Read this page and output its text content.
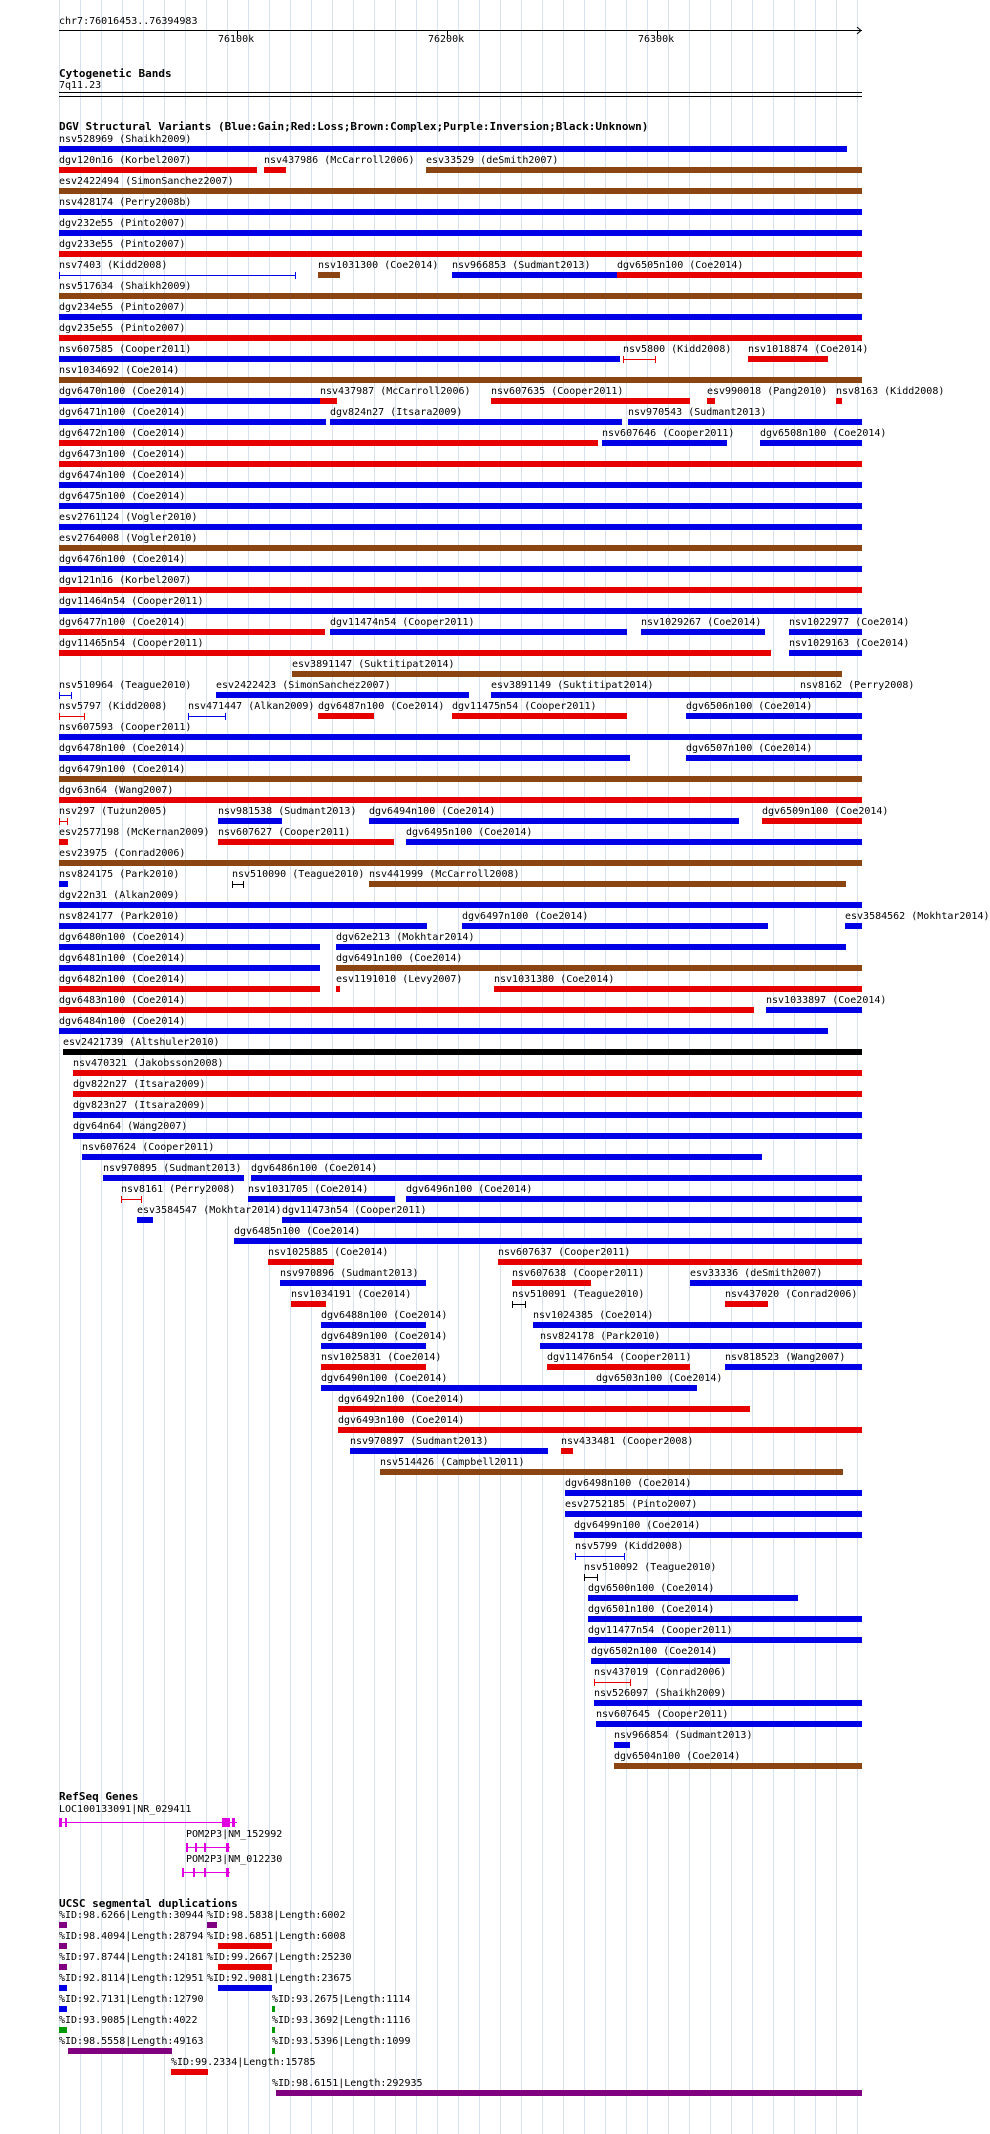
chr7:76016453..76394983
76100k	76200k	76300k
Cytogenetic Bands
7q11.23
DGV Structural Variants (Blue:Gain;Red:Loss;Brown:Complex;Purple:Inversion;Black:Unknown)
nsv528969 (Shaikh2009)
dgv120n16 (Korbel2007)	nsv437986 (McCarroll2006) esv33529 (deSmith2007)
esv2422494 (SimonSanchez2007)
nsv428174 (Perry2008b)
dgv232e55 (Pinto2007)
dgv233e55 (Pinto2007)
nsv7403 (Kidd2008)	nsv1031300 (Coe2014) nsv966853 (Sudmant2013)	dgv6505n100 (Coe2014)
nsv517634 (Shaikh2009)
dgv234e55 (Pinto2007)
dgv235e55 (Pinto2007)
nsv607585 (Cooper2011)	nsv5800 (Kidd2008) nsv1018874 (Coe2014)
nsv1034692 (Coe2014)
dgv6470n100 (Coe2014)	nsv437987 (McCarroll2006) nsv607635 (Cooper2011)	esv990018 (Pang2010) nsv8163 (Kidd2008)
dgv6471n100 (Coe2014)	dgv824n27 (Itsara2009)	nsv970543 (Sudmant2013)
dgv6472n100 (Coe2014)	nsv607646 (Cooper2011)	dgv6508n100 (Coe2014)
dgv6473n100 (Coe2014)
dgv6474n100 (Coe2014)
dgv6475n100 (Coe2014)
esv2761124 (Vogler2010)
esv2764008 (Vogler2010)
dgv6476n100 (Coe2014)
dgv121n16 (Korbel2007)
dgv11464n54 (Cooper2011)
dgv6477n100 (Coe2014)	dgv11474n54 (Cooper2011)	nsv1029267 (Coe2014)	nsv1022977 (Coe2014)
dgv11465n54 (Cooper2011)	nsv1029163 (Coe2014)
esv3891147 (Suktitipat2014)
nsv510964 (Teague2010) esv2422423 (SimonSanchez2007)	esv3891149 (Suktitipat2014)	nsv8162 (Perry2008)
nsv5797 (Kidd2008) nsv471447 (Alkan2009) dgv6487n100 (Coe2014) dgv11475n54 (Cooper2011)	dgv6506n100 (Coe2014)
nsv607593 (Cooper2011)
dgv6478n100 (Coe2014)	dgv6507n100 (Coe2014)
dgv6479n100 (Coe2014)
dgv63n64 (Wang2007)
nsv297 (Tuzun2005)	nsv981538 (Sudmant2013) dgv6494n100 (Coe2014)	dgv6509n100 (Coe2014)
esv2577198 (McKernan2009) nsv607627 (Cooper2011)	dgv6495n100 (Coe2014)
esv23975 (Conrad2006)
nsv824175 (Park2010)	nsv510090 (Teague2010) nsv441999 (McCarroll2008)
dgv22n31 (Alkan2009)
nsv824177 (Park2010)	dgv6497n100 (Coe2014)	esv3584562 (Mokhtar2014)
dgv6480n100 (Coe2014)	dgv62e213 (Mokhtar2014)
dgv6481n100 (Coe2014)	dgv6491n100 (Coe2014)
dgv6482n100 (Coe2014)	esv1191010 (Levy2007)	nsv1031380 (Coe2014)
dgv6483n100 (Coe2014)	nsv1033897 (Coe2014)
dgv6484n100 (Coe2014)
esv2421739 (Altshuler2010)
nsv470321 (Jakobsson2008)
dgv822n27 (Itsara2009)
dgv823n27 (Itsara2009)
dgv64n64 (Wang2007)
nsv607624 (Cooper2011)
nsv970895 (Sudmant2013) dgv6486n100 (Coe2014)
nsv8161 (Perry2008) nsv1031705 (Coe2014)	dgv6496n100 (Coe2014)
esv3584547 (Mokhtar2014) dgv11473n54 (Cooper2011)
dgv6485n100 (Coe2014)
nsv1025885 (Coe2014)	nsv607637 (Cooper2011)
nsv970896 (Sudmant2013)	nsv607638 (Cooper2011)	esv33336 (deSmith2007)
nsv1034191 (Coe2014)	nsv510091 (Teague2010)	nsv437020 (Conrad2006)
dgv6488n100 (Coe2014)	nsv1024385 (Coe2014)
dgv6489n100 (Coe2014)	nsv824178 (Park2010)
nsv1025831 (Coe2014)	dgv11476n54 (Cooper2011)	nsv818523 (Wang2007)
dgv6490n100 (Coe2014)	dgv6503n100 (Coe2014)
dgv6492n100 (Coe2014)
dgv6493n100 (Coe2014)
nsv970897 (Sudmant2013)	nsv433481 (Cooper2008)
nsv514426 (Campbell2011)
dgv6498n100 (Coe2014)
esv2752185 (Pinto2007)
dgv6499n100 (Coe2014)
nsv5799 (Kidd2008)
nsv510092 (Teague2010)
dgv6500n100 (Coe2014)
dgv6501n100 (Coe2014)
dgv11477n54 (Cooper2011)
dgv6502n100 (Coe2014)
nsv437019 (Conrad2006)
nsv526097 (Shaikh2009)
nsv607645 (Cooper2011)
nsv966854 (Sudmant2013)
dgv6504n100 (Coe2014)
RefSeq Genes
LOC100133091|NR_029411
POM2P3|NM_152992
POM2P3|NM_012230
UCSC segmental duplications
%ID:98.6266|Length:30944 %ID:98.5838|Length:6002
%ID:98.4094|Length:28794 %ID:98.6851|Length:6008
%ID:97.8744|Length:24181 %ID:99.2667|Length:25230
%ID:92.8114|Length:12951 %ID:92.9081|Length:23675
%ID:92.7131|Length:12790	%ID:93.2675|Length:1114
%ID:93.9085|Length:4022	%ID:93.3692|Length:1116
%ID:98.5558|Length:49163	%ID:93.5396|Length:1099
%ID:99.2334|Length:15785
%ID:98.6151|Length:292935
